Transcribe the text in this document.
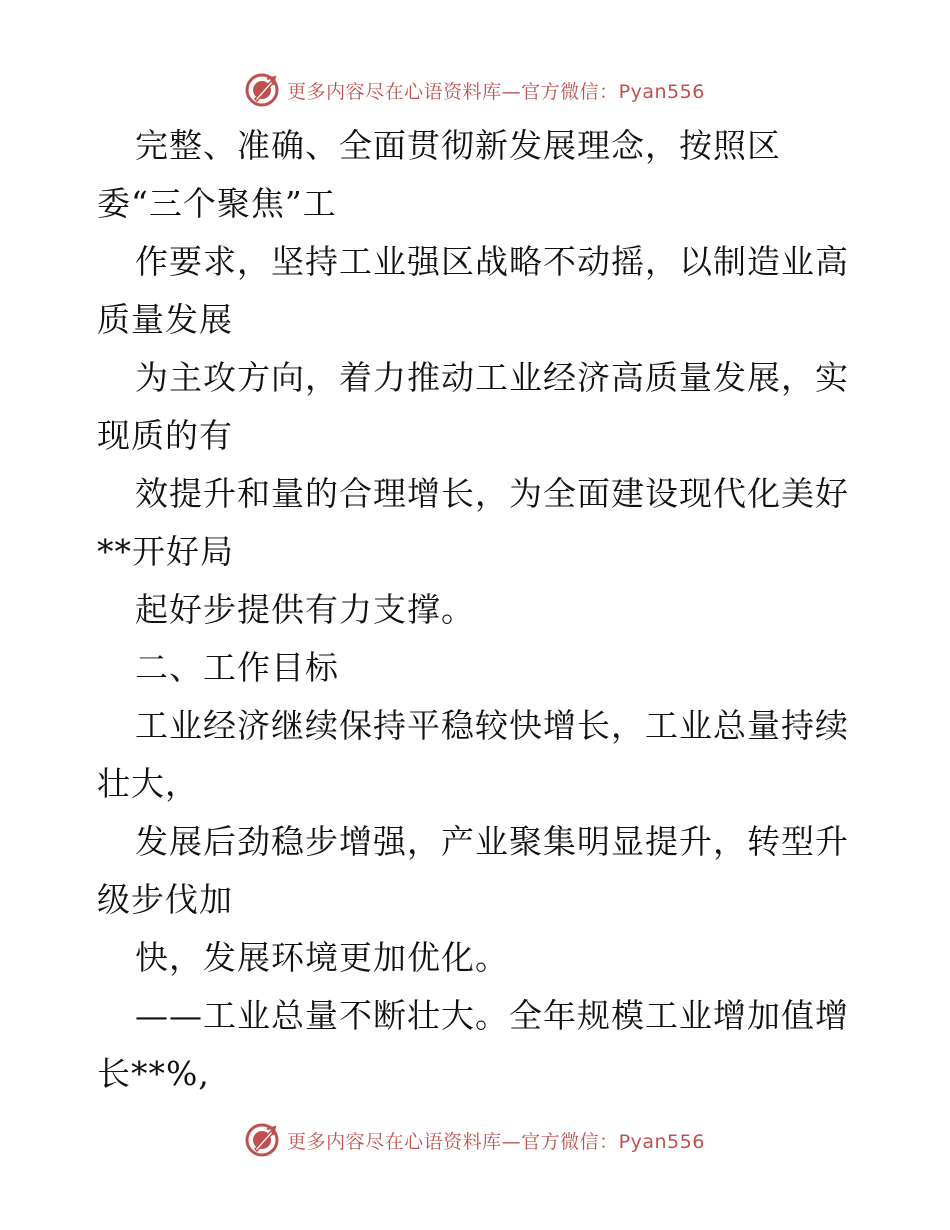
更多内容尽在心语资料库—官方微信：Pyan556
完整、准确、全面贯彻新发展理念，按照区
委“三个聚焦”工
作要求，坚持工业强区战略不动摇，以制造业高
质量发展
为主攻方向，着力推动工业经济高质量发展，实
现质的有
效提升和量的合理增长，为全面建设现代化美好
**开好局
起好步提供有力支撑。
二、工作目标
工业经济继续保持平稳较快增长，工业总量持续
壮大，
发展后劲稳步增强，产业聚集明显提升，转型升
级步伐加
快，发展环境更加优化。
——工业总量不断壮大。全年规模工业增加值增
长**%,
更多内容尽在心语资料库—官方微信：Pyan556
